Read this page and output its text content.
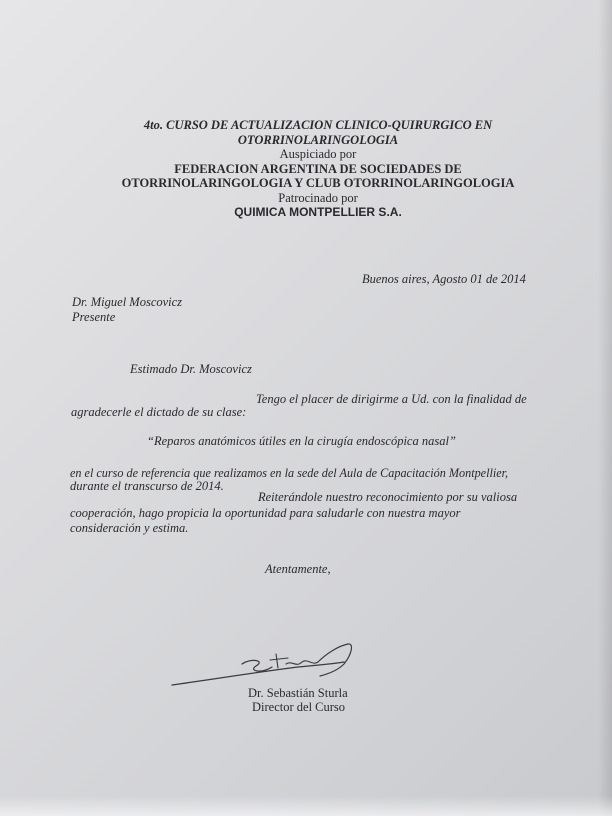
4to. CURSO DE ACTUALIZACION CLINICO-QUIRURGICO EN
OTORRINOLARINGOLOGIA
Auspiciado por
FEDERACION ARGENTINA DE SOCIEDADES DE
OTORRINOLARINGOLOGIA Y CLUB OTORRINOLARINGOLOGIA
Patrocinado por
QUIMICA MONTPELLIER S.A.
Buenos aires, Agosto 01 de 2014
Dr. Miguel Moscovicz
Presente
Estimado Dr. Moscovicz
Tengo el placer de dirigirme a Ud. con la finalidad de
agradecerle el dictado de su clase:
“Reparos anatómicos útiles en la cirugía endoscópica nasal”
en el curso de referencia que realizamos en la sede del Aula de Capacitación Montpellier,
durante el transcurso de 2014.
Reiterándole nuestro reconocimiento por su valiosa
cooperación, hago propicia la oportunidad para saludarle con nuestra mayor
consideración y estima.
Atentamente,
Dr. Sebastián Sturla
Director del Curso
